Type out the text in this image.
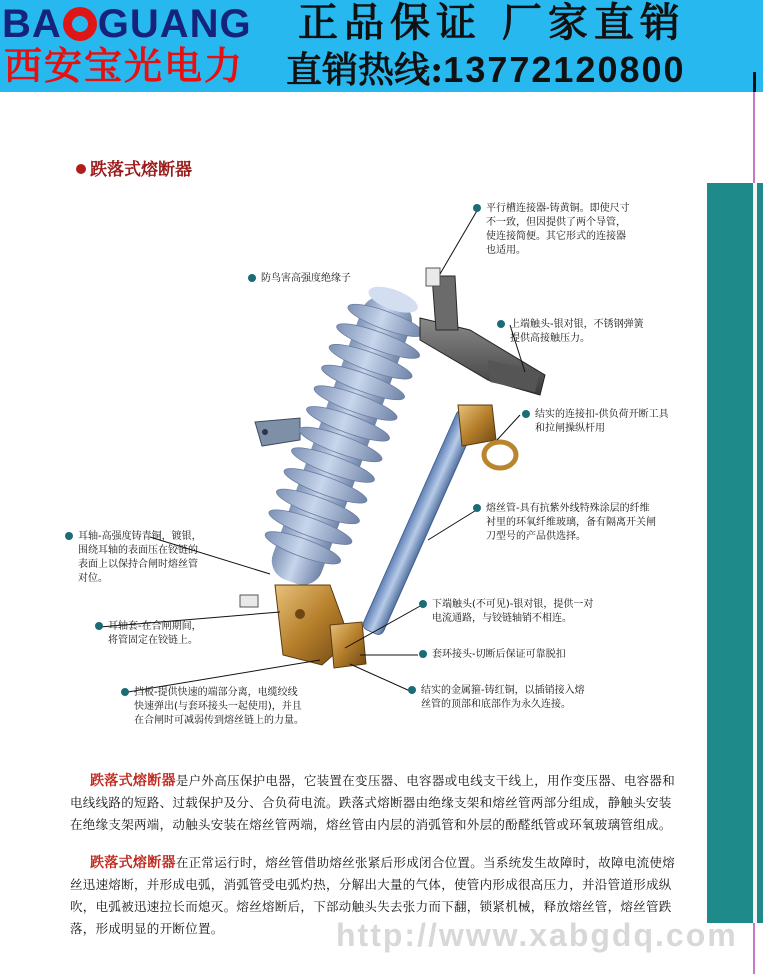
BA GUANG
西安宝光电力
正品保证 厂家直销
直销热线:13772120800
跌落式熔断器
平行槽连接器-铸黄铜。即使尺寸
不一致，但因提供了两个导管，
使连接简便。其它形式的连接器
也适用。
防鸟害高强度绝缘子
上端触头-银对银，不锈钢弹簧
提供高接触压力。
结实的连接扣-供负荷开断工具
和拉闸操纵杆用
熔丝管-具有抗紫外线特殊涂层的纤维
衬里的环氧纤维玻璃，备有隔离开关闸
刀型号的产品供选择。
耳轴-高强度铸青铜，镀银，
围绕耳轴的表面压在铰链的
表面上以保持合闸时熔丝管
对位。
耳轴套-在合闸期间，
将管固定在铰链上。
下端触头(不可见)-银对银，提供一对
电流通路，与铰链轴销不相连。
套环接头-切断后保证可靠脱扣
结实的金属箍-铸红铜，以插销接入熔
丝管的顶部和底部作为永久连接。
挡板-提供快速的端部分离，电缆绞线
快速弹出(与套环接头一起使用)，并且
在合闸时可减弱传到熔丝链上的力量。
跌落式熔断器是户外高压保护电器，它装置在变压器、电容器或电线支干线上，用作变压器、电容器和电线线路的短路、过载保护及分、合负荷电流。跌落式熔断器由绝缘支架和熔丝管两部分组成，静触头安装在绝缘支架两端，动触头安装在熔丝管两端，熔丝管由内层的消弧管和外层的酚醛纸管或环氧玻璃管组成。
跌落式熔断器在正常运行时，熔丝管借助熔丝张紧后形成闭合位置。当系统发生故障时，故障电流使熔丝迅速熔断，并形成电弧，消弧管受电弧灼热，分解出大量的气体，使管内形成很高压力，并沿管道形成纵吹，电弧被迅速拉长而熄灭。熔丝熔断后，下部动触头失去张力而下翻，锁紧机械，释放熔丝管，熔丝管跌落，形成明显的开断位置。	http://www.xabgdq.com
